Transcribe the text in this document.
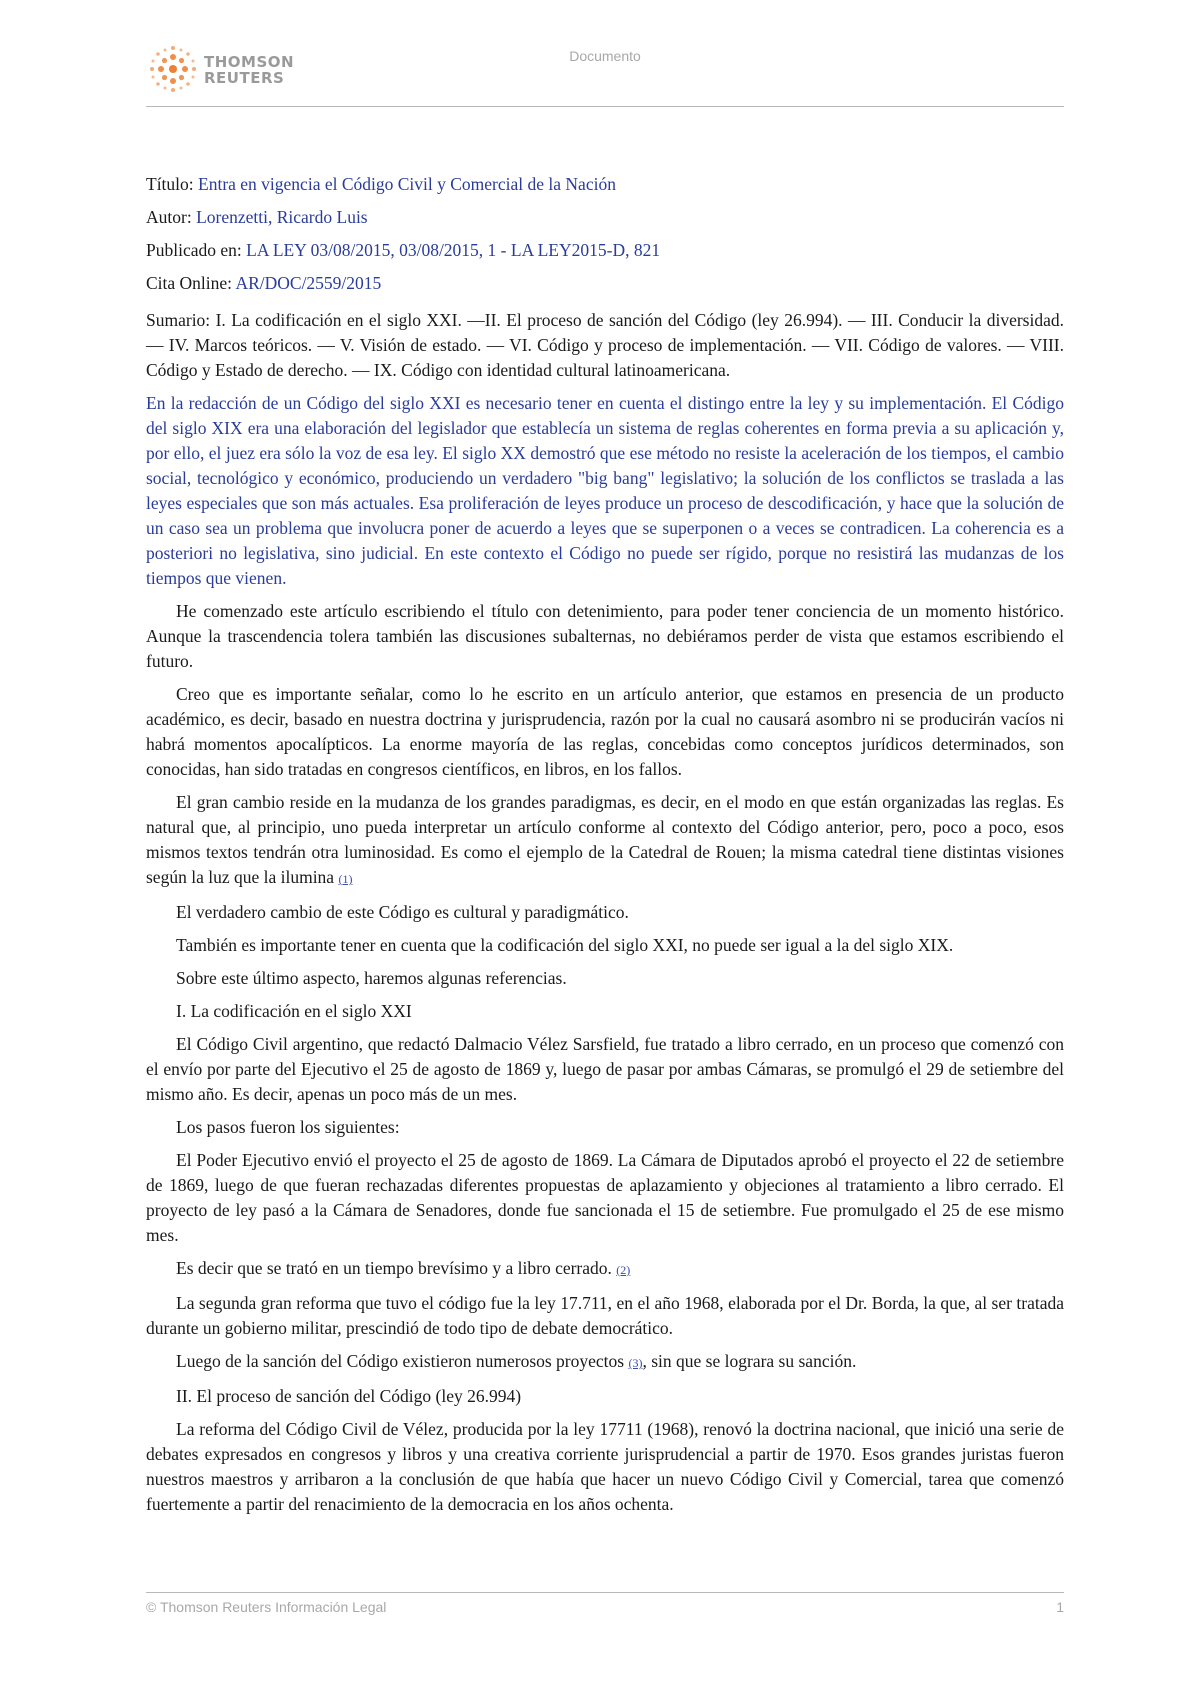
THOMSON
REUTERS
Documento

Título: Entra en vigencia el Código Civil y Comercial de la Nación

Autor: Lorenzetti, Ricardo Luis

Publicado en: LA LEY 03/08/2015, 03/08/2015, 1 - LA LEY2015-D, 821

Cita Online: AR/DOC/2559/2015

Sumario: I. La codificación en el siglo XXI. —II. El proceso de sanción del Código (ley 26.994). — III. Conducir la diversidad. — IV. Marcos teóricos. — V. Visión de estado. — VI. Código y proceso de implementación. — VII. Código de valores. — VIII. Código y Estado de derecho. — IX. Código con identidad cultural latinoamericana.

En la redacción de un Código del siglo XXI es necesario tener en cuenta el distingo entre la ley y su implementación. El Código del siglo XIX era una elaboración del legislador que establecía un sistema de reglas coherentes en forma previa a su aplicación y, por ello, el juez era sólo la voz de esa ley. El siglo XX demostró que ese método no resiste la aceleración de los tiempos, el cambio social, tecnológico y económico, produciendo un verdadero "big bang" legislativo; la solución de los conflictos se traslada a las leyes especiales que son más actuales. Esa proliferación de leyes produce un proceso de descodificación, y hace que la solución de un caso sea un problema que involucra poner de acuerdo a leyes que se superponen o a veces se contradicen. La coherencia es a posteriori no legislativa, sino judicial. En este contexto el Código no puede ser rígido, porque no resistirá las mudanzas de los tiempos que vienen.

He comenzado este artículo escribiendo el título con detenimiento, para poder tener conciencia de un momento histórico. Aunque la trascendencia tolera también las discusiones subalternas, no debiéramos perder de vista que estamos escribiendo el futuro.

Creo que es importante señalar, como lo he escrito en un artículo anterior, que estamos en presencia de un producto académico, es decir, basado en nuestra doctrina y jurisprudencia, razón por la cual no causará asombro ni se producirán vacíos ni habrá momentos apocalípticos. La enorme mayoría de las reglas, concebidas como conceptos jurídicos determinados, son conocidas, han sido tratadas en congresos científicos, en libros, en los fallos.

El gran cambio reside en la mudanza de los grandes paradigmas, es decir, en el modo en que están organizadas las reglas. Es natural que, al principio, uno pueda interpretar un artículo conforme al contexto del Código anterior, pero, poco a poco, esos mismos textos tendrán otra luminosidad. Es como el ejemplo de la Catedral de Rouen; la misma catedral tiene distintas visiones según la luz que la ilumina (1)

El verdadero cambio de este Código es cultural y paradigmático.

También es importante tener en cuenta que la codificación del siglo XXI, no puede ser igual a la del siglo XIX.

Sobre este último aspecto, haremos algunas referencias.

I. La codificación en el siglo XXI

El Código Civil argentino, que redactó Dalmacio Vélez Sarsfield, fue tratado a libro cerrado, en un proceso que comenzó con el envío por parte del Ejecutivo el 25 de agosto de 1869 y, luego de pasar por ambas Cámaras, se promulgó el 29 de setiembre del mismo año. Es decir, apenas un poco más de un mes.

Los pasos fueron los siguientes:

El Poder Ejecutivo envió el proyecto el 25 de agosto de 1869. La Cámara de Diputados aprobó el proyecto el 22 de setiembre de 1869, luego de que fueran rechazadas diferentes propuestas de aplazamiento y objeciones al tratamiento a libro cerrado. El proyecto de ley pasó a la Cámara de Senadores, donde fue sancionada el 15 de setiembre. Fue promulgado el 25 de ese mismo mes.

Es decir que se trató en un tiempo brevísimo y a libro cerrado. (2)

La segunda gran reforma que tuvo el código fue la ley 17.711, en el año 1968, elaborada por el Dr. Borda, la que, al ser tratada durante un gobierno militar, prescindió de todo tipo de debate democrático.

Luego de la sanción del Código existieron numerosos proyectos (3), sin que se lograra su sanción.

II. El proceso de sanción del Código (ley 26.994)

La reforma del Código Civil de Vélez, producida por la ley 17711 (1968), renovó la doctrina nacional, que inició una serie de debates expresados en congresos y libros y una creativa corriente jurisprudencial a partir de 1970. Esos grandes juristas fueron nuestros maestros y arribaron a la conclusión de que había que hacer un nuevo Código Civil y Comercial, tarea que comenzó fuertemente a partir del renacimiento de la democracia en los años ochenta.

© Thomson Reuters Información Legal	1
